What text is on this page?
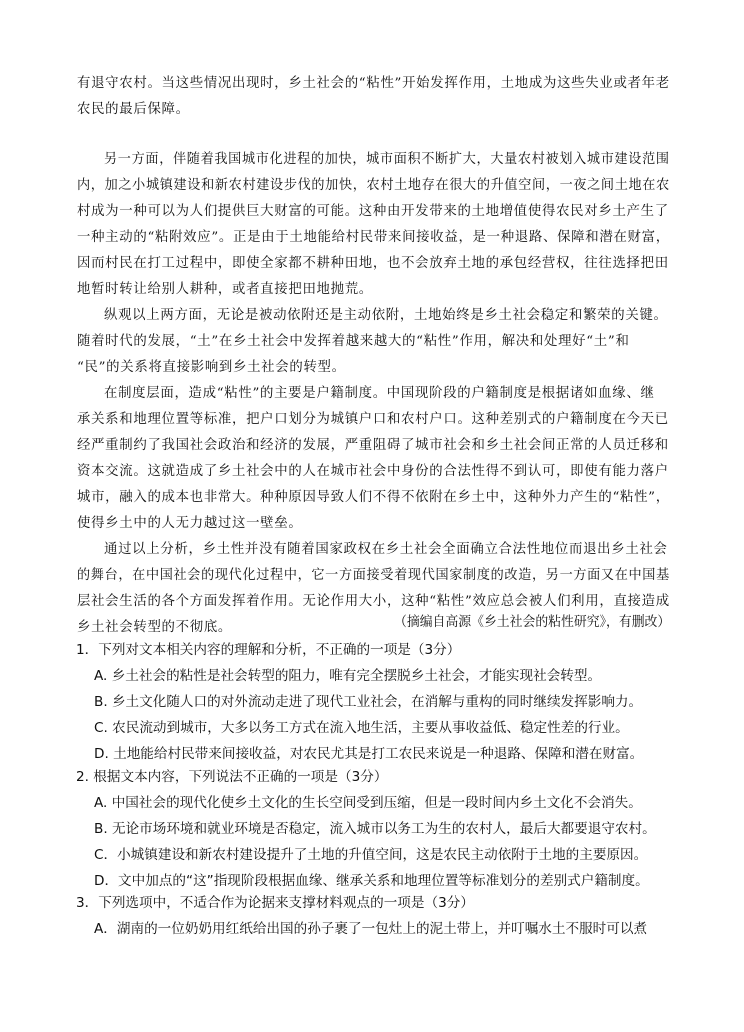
有退守农村。当这些情况出现时，乡土社会的“粘性”开始发挥作用，土地成为这些失业或者年老
农民的最后保障。
另一方面，伴随着我国城市化进程的加快，城市面积不断扩大，大量农村被划入城市建设范围
内，加之小城镇建设和新农村建设步伐的加快，农村土地存在很大的升值空间，一夜之间土地在农
村成为一种可以为人们提供巨大财富的可能。这种由开发带来的土地增值使得农民对乡土产生了
一种主动的“粘附效应”。正是由于土地能给村民带来间接收益，是一种退路、保障和潜在财富，
因而村民在打工过程中，即使全家都不耕种田地，也不会放弃土地的承包经营权，往往选择把田
地暂时转让给别人耕种，或者直接把田地抛荒。
纵观以上两方面，无论是被动依附还是主动依附，土地始终是乡土社会稳定和繁荣的关键。
随着时代的发展，“土”在乡土社会中发挥着越来越大的“粘性”作用，解决和处理好“土”和
“民”的关系将直接影响到乡土社会的转型。
在制度层面，造成“粘性”的主要是户籍制度。中国现阶段的户籍制度是根据诸如血缘、继
承关系和地理位置等标准，把户口划分为城镇户口和农村户口。这种差别式的户籍制度在今天已
经严重制约了我国社会政治和经济的发展，严重阻碍了城市社会和乡土社会间正常的人员迁移和
资本交流。这就造成了乡土社会中的人在城市社会中身份的合法性得不到认可，即使有能力落户
城市，融入的成本也非常大。种种原因导致人们不得不依附在乡土中，这种外力产生的“粘性”，
使得乡土中的人无力越过这一壁垒。
通过以上分析，乡土性并没有随着国家政权在乡土社会全面确立合法性地位而退出乡土社会
的舞台，在中国社会的现代化过程中，它一方面接受着现代国家制度的改造，另一方面又在中国基
层社会生活的各个方面发挥着作用。无论作用大小，这种“粘性”效应总会被人们利用，直接造成
乡土社会转型的不彻底。	（摘编自高源《乡土社会的粘性研究》，有删改）
1．下列对文本相关内容的理解和分析，不正确的一项是（3分）
A. 乡土社会的粘性是社会转型的阻力，唯有完全摆脱乡土社会，才能实现社会转型。
B. 乡土文化随人口的对外流动走进了现代工业社会，在消解与重构的同时继续发挥影响力。
C. 农民流动到城市，大多以务工方式在流入地生活，主要从事收益低、稳定性差的行业。
D. 土地能给村民带来间接收益，对农民尤其是打工农民来说是一种退路、保障和潜在财富。
2. 根据文本内容，下列说法不正确的一项是（3分）
A. 中国社会的现代化使乡土文化的生长空间受到压缩，但是一段时间内乡土文化不会消失。
B. 无论市场环境和就业环境是否稳定，流入城市以务工为生的农村人，最后大都要退守农村。
C．小城镇建设和新农村建设提升了土地的升值空间，这是农民主动依附于土地的主要原因。
D．文中加点的“这”指现阶段根据血缘、继承关系和地理位置等标准划分的差别式户籍制度。
3．下列选项中，不适合作为论据来支撑材料观点的一项是（3分）
A．湖南的一位奶奶用红纸给出国的孙子裹了一包灶上的泥土带上，并叮嘱水土不服时可以煮
